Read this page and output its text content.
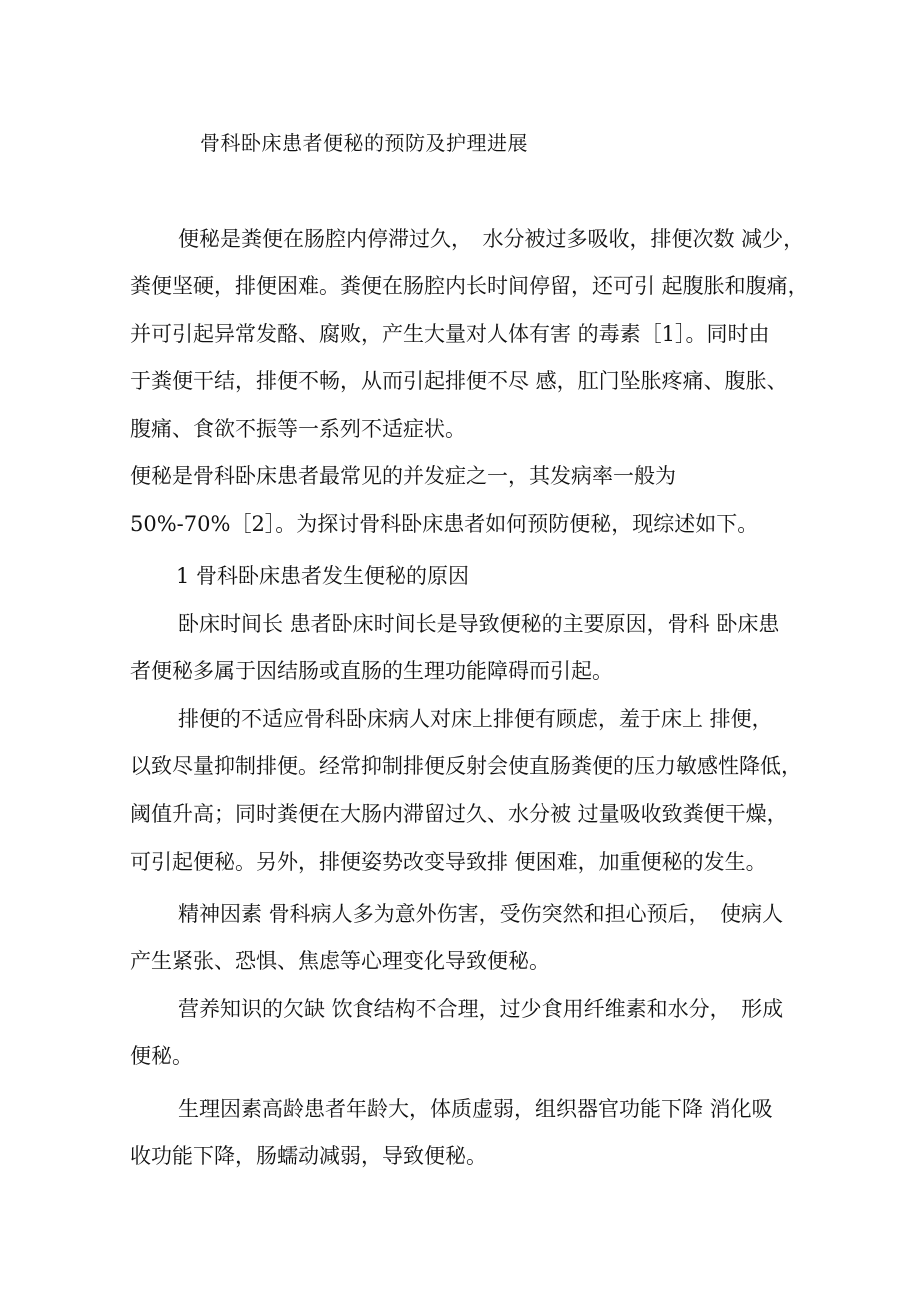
骨科卧床患者便秘的预防及护理进展
便秘是粪便在肠腔内停滞过久，　水分被过多吸收，排便次数 减少，
粪便坚硬，排便困难。粪便在肠腔内长时间停留，还可引 起腹胀和腹痛，
并可引起异常发酪、腐败，产生大量对人体有害 的毒素［1］。同时由
于粪便干结，排便不畅，从而引起排便不尽 感，肛门坠胀疼痛、腹胀、
腹痛、食欲不振等一系列不适症状。
便秘是骨科卧床患者最常见的并发症之一，其发病率一般为
50%-70%［2］。为探讨骨科卧床患者如何预防便秘，现综述如下。
1 骨科卧床患者发生便秘的原因
卧床时间长 患者卧床时间长是导致便秘的主要原因，骨科 卧床患
者便秘多属于因结肠或直肠的生理功能障碍而引起。
排便的不适应骨科卧床病人对床上排便有顾虑，羞于床上 排便，
以致尽量抑制排便。经常抑制排便反射会使直肠粪便的压力敏感性降低，
阈值升高；同时粪便在大肠内滞留过久、水分被 过量吸收致粪便干燥，
可引起便秘。另外，排便姿势改变导致排 便困难，加重便秘的发生。
精神因素 骨科病人多为意外伤害，受伤突然和担心预后，　使病人
产生紧张、恐惧、焦虑等心理变化导致便秘。
营养知识的欠缺 饮食结构不合理，过少食用纤维素和水分，　形成
便秘。
生理因素高龄患者年龄大，体质虚弱，组织器官功能下降 消化吸
收功能下降，肠蠕动减弱，导致便秘。
